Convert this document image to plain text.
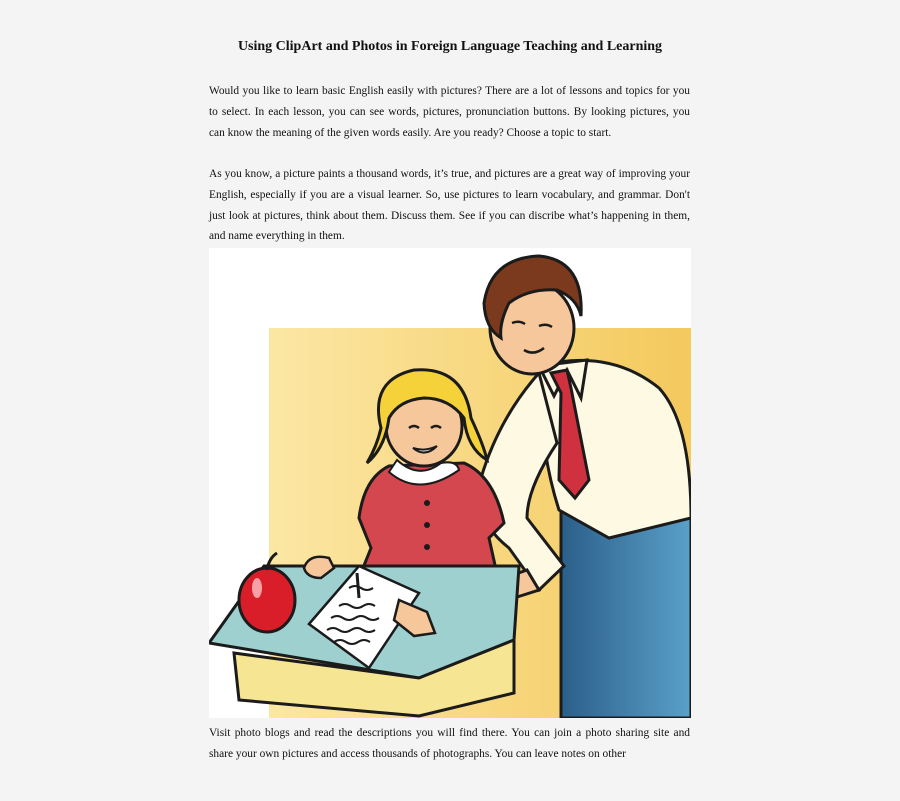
Using ClipArt and Photos in Foreign Language Teaching and Learning
Would you like to learn basic English easily with pictures? There are a lot of lessons and topics for you to select. In each lesson, you can see words, pictures, pronunciation buttons. By looking pictures, you can know the meaning of the given words easily. Are you ready? Choose a topic to start.
As you know, a picture paints a thousand words, it’s true, and pictures are a great way of improving your English, especially if you are a visual learner. So, use pictures to learn vocabulary, and grammar. Don't just look at pictures, think about them. Discuss them. See if you can discribe what’s happening in them, and name everything in them.
Visit photo blogs and read the descriptions you will find there. You can join a photo sharing site and share your own pictures and access thousands of photographs. You can leave notes on other
